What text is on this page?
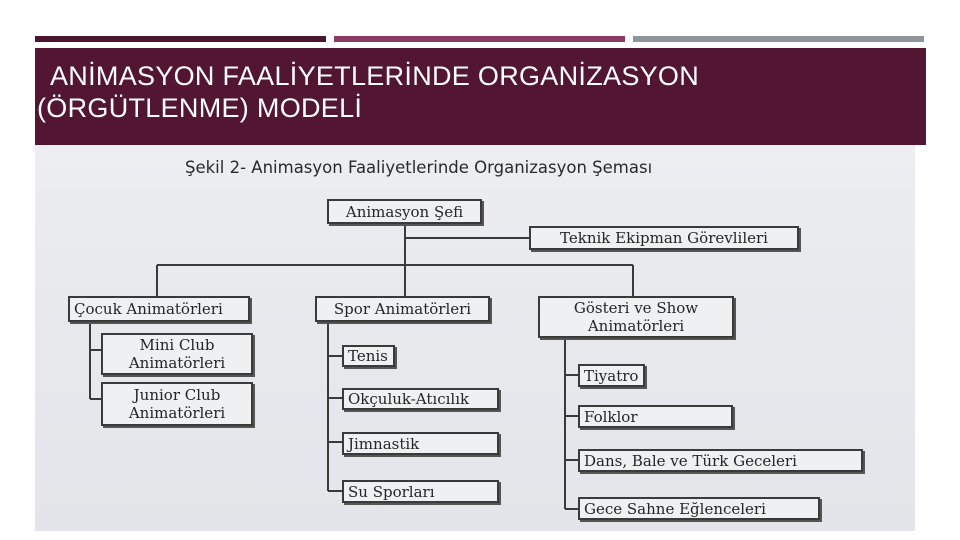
ANİMASYON FAALİYETLERİNDE ORGANİZASYON
(ÖRGÜTLENME) MODELİ
Şekil 2- Animasyon Faaliyetlerinde Organizasyon Şeması
Animasyon Şefi
Teknik Ekipman Görevlileri
Çocuk Animatörleri	Spor Animatörleri	Gösteri ve Show
Animatörleri
Mini Club
Animatörleri
Junior Club
Animatörleri
Tenis
Okçuluk-Atıcılık
Jimnastik
Su Sporları
Tiyatro
Folklor
Dans, Bale ve Türk Geceleri
Gece Sahne Eğlenceleri
